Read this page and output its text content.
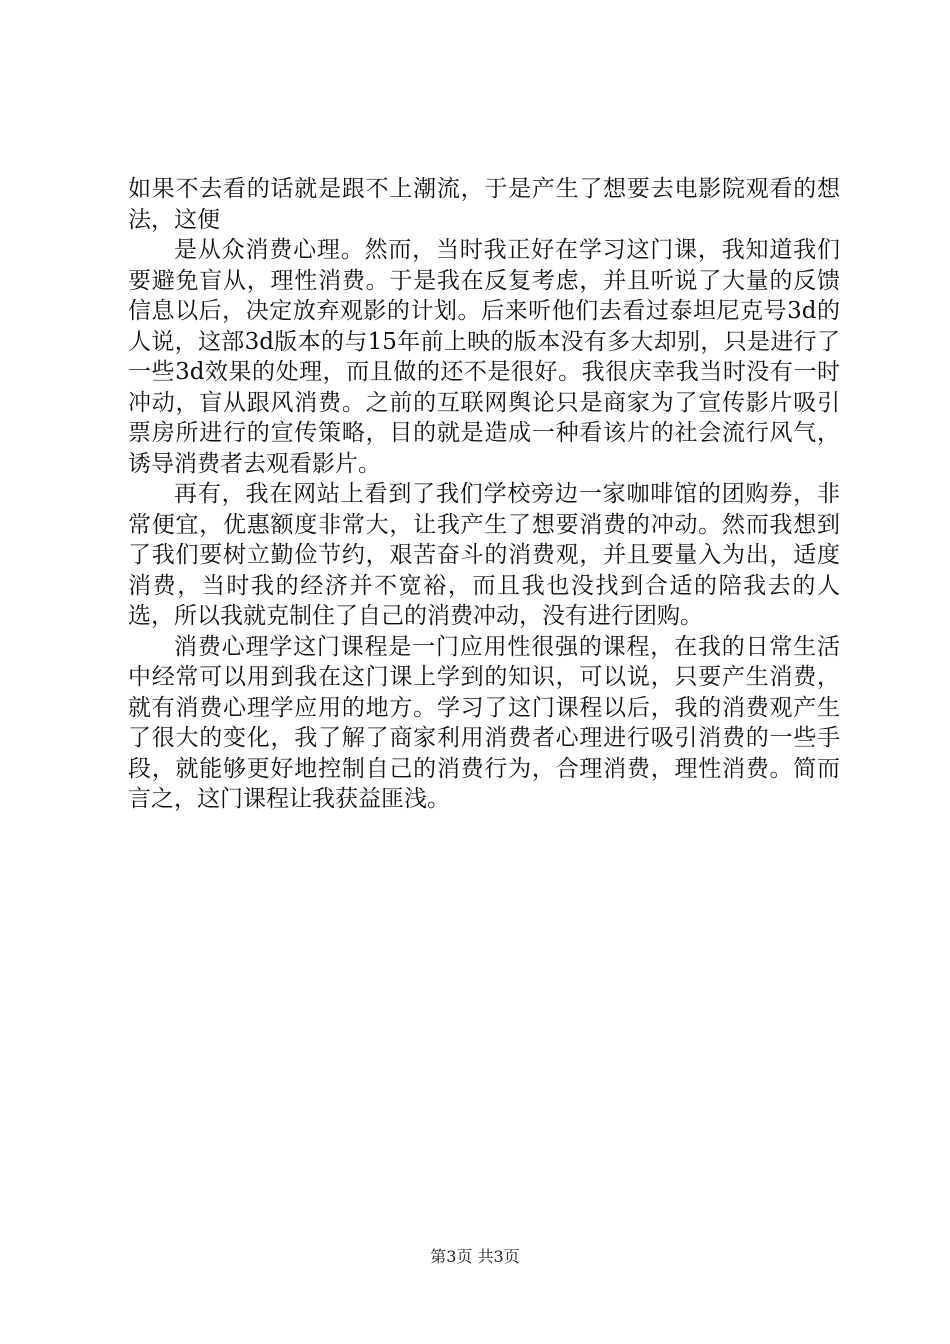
如果不去看的话就是跟不上潮流，于是产生了想要去电影院观看的想法，这便

是从众消费心理。然而，当时我正好在学习这门课，我知道我们要避免盲从，理性消费。于是我在反复考虑，并且听说了大量的反馈信息以后，决定放弃观影的计划。后来听他们去看过泰坦尼克号3d的人说，这部3d版本的与15年前上映的版本没有多大却别，只是进行了一些3d效果的处理，而且做的还不是很好。我很庆幸我当时没有一时冲动，盲从跟风消费。之前的互联网舆论只是商家为了宣传影片吸引票房所进行的宣传策略，目的就是造成一种看该片的社会流行风气，诱导消费者去观看影片。

再有，我在网站上看到了我们学校旁边一家咖啡馆的团购券，非常便宜，优惠额度非常大，让我产生了想要消费的冲动。然而我想到了我们要树立勤俭节约，艰苦奋斗的消费观，并且要量入为出，适度消费，当时我的经济并不宽裕，而且我也没找到合适的陪我去的人选，所以我就克制住了自己的消费冲动，没有进行团购。

消费心理学这门课程是一门应用性很强的课程，在我的日常生活中经常可以用到我在这门课上学到的知识，可以说，只要产生消费，就有消费心理学应用的地方。学习了这门课程以后，我的消费观产生了很大的变化，我了解了商家利用消费者心理进行吸引消费的一些手段，就能够更好地控制自己的消费行为，合理消费，理性消费。简而言之，这门课程让我获益匪浅。

第3页 共3页
